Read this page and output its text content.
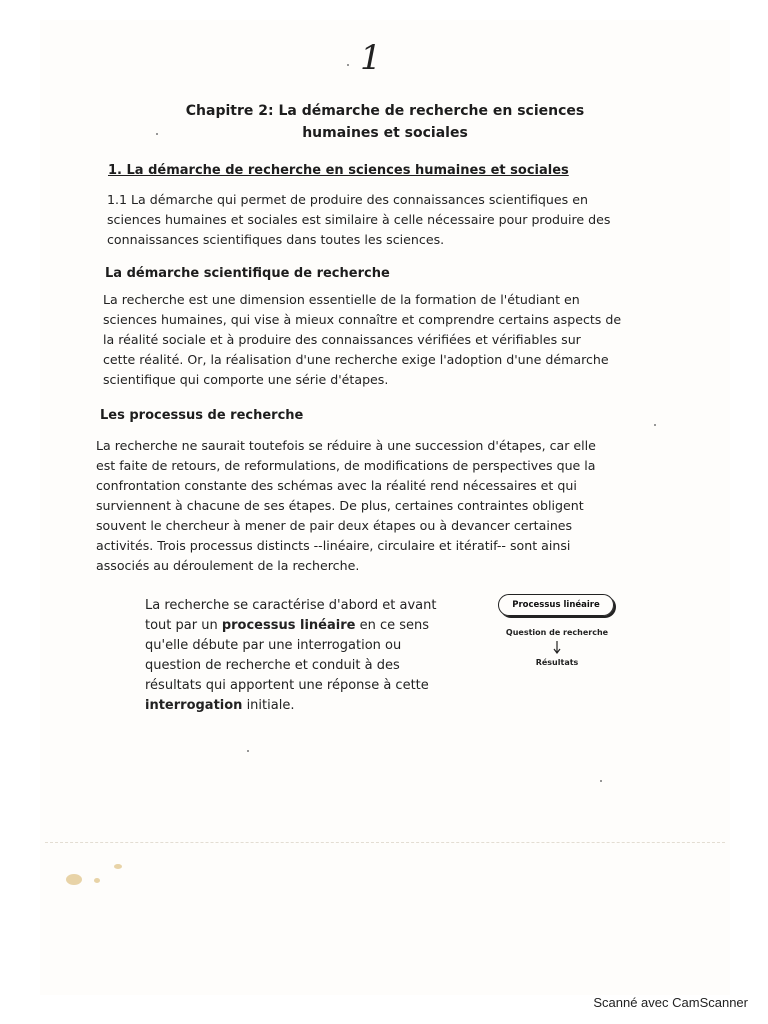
1
Chapitre 2: La démarche de recherche en sciences
humaines et sociales
1. La démarche de recherche en sciences humaines et sociales

1.1 La démarche qui permet de produire des connaissances scientifiques en

sciences humaines et sociales est similaire à celle nécessaire pour produire des

connaissances scientifiques dans toutes les sciences.

La démarche scientifique de recherche

La recherche est une dimension essentielle de la formation de l'étudiant en

sciences humaines, qui vise à mieux connaître et comprendre certains aspects de

la réalité sociale et à produire des connaissances vérifiées et vérifiables sur

cette réalité. Or, la réalisation d'une recherche exige l'adoption d'une démarche

scientifique qui comporte une série d'étapes.

Les processus de recherche

La recherche ne saurait toutefois se réduire à une succession d'étapes, car elle

est faite de retours, de reformulations, de modifications de perspectives que la

confrontation constante des schémas avec la réalité rend nécessaires et qui

surviennent à chacune de ses étapes. De plus, certaines contraintes obligent

souvent le chercheur à mener de pair deux étapes ou à devancer certaines

activités. Trois processus distincts --linéaire, circulaire et itératif-- sont ainsi

associés au déroulement de la recherche.

La recherche se caractérise d'abord et avant

tout par un processus linéaire en ce sens

qu'elle débute par une interrogation ou

question de recherche et conduit à des

résultats qui apportent une réponse à cette

interrogation initiale.

Processus linéaire
Question de recherche
Résultats
Scanné avec CamScanner
